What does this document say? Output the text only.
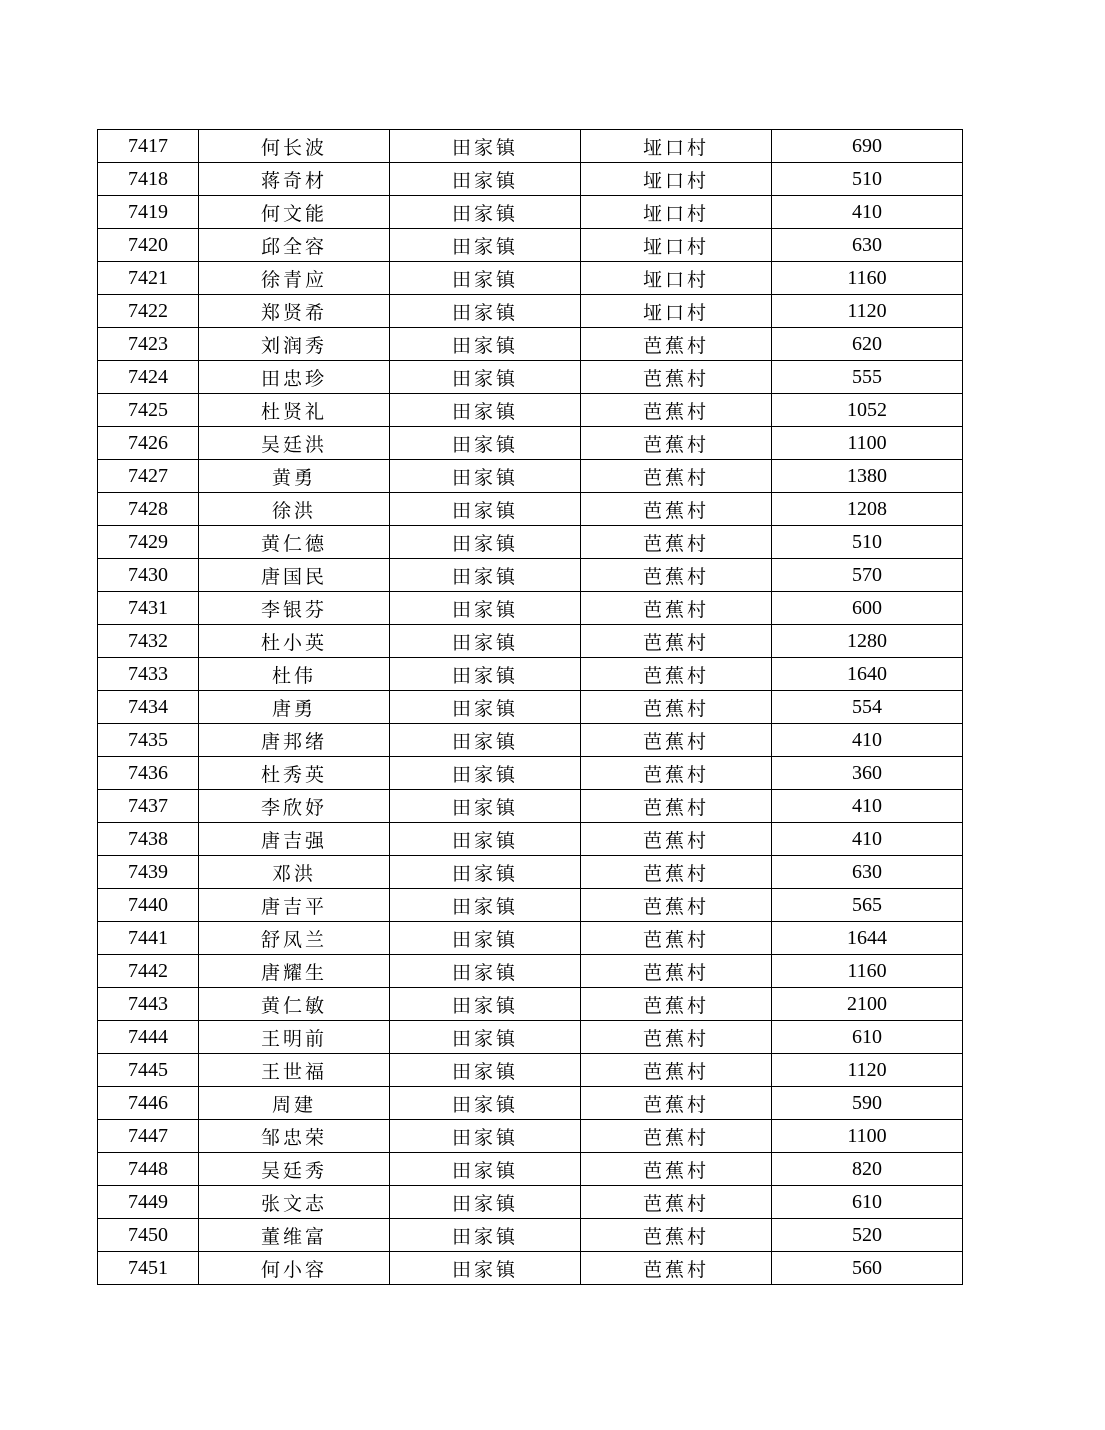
7417	何长波	田家镇	垭口村	690
7418	蒋奇材	田家镇	垭口村	510
7419	何文能	田家镇	垭口村	410
7420	邱全容	田家镇	垭口村	630
7421	徐青应	田家镇	垭口村	1160
7422	郑贤希	田家镇	垭口村	1120
7423	刘润秀	田家镇	芭蕉村	620
7424	田忠珍	田家镇	芭蕉村	555
7425	杜贤礼	田家镇	芭蕉村	1052
7426	吴廷洪	田家镇	芭蕉村	1100
7427	黄勇	田家镇	芭蕉村	1380
7428	徐洪	田家镇	芭蕉村	1208
7429	黄仁德	田家镇	芭蕉村	510
7430	唐国民	田家镇	芭蕉村	570
7431	李银芬	田家镇	芭蕉村	600
7432	杜小英	田家镇	芭蕉村	1280
7433	杜伟	田家镇	芭蕉村	1640
7434	唐勇	田家镇	芭蕉村	554
7435	唐邦绪	田家镇	芭蕉村	410
7436	杜秀英	田家镇	芭蕉村	360
7437	李欣妤	田家镇	芭蕉村	410
7438	唐吉强	田家镇	芭蕉村	410
7439	邓洪	田家镇	芭蕉村	630
7440	唐吉平	田家镇	芭蕉村	565
7441	舒凤兰	田家镇	芭蕉村	1644
7442	唐耀生	田家镇	芭蕉村	1160
7443	黄仁敏	田家镇	芭蕉村	2100
7444	王明前	田家镇	芭蕉村	610
7445	王世福	田家镇	芭蕉村	1120
7446	周建	田家镇	芭蕉村	590
7447	邹忠荣	田家镇	芭蕉村	1100
7448	吴廷秀	田家镇	芭蕉村	820
7449	张文志	田家镇	芭蕉村	610
7450	董维富	田家镇	芭蕉村	520
7451	何小容	田家镇	芭蕉村	560
